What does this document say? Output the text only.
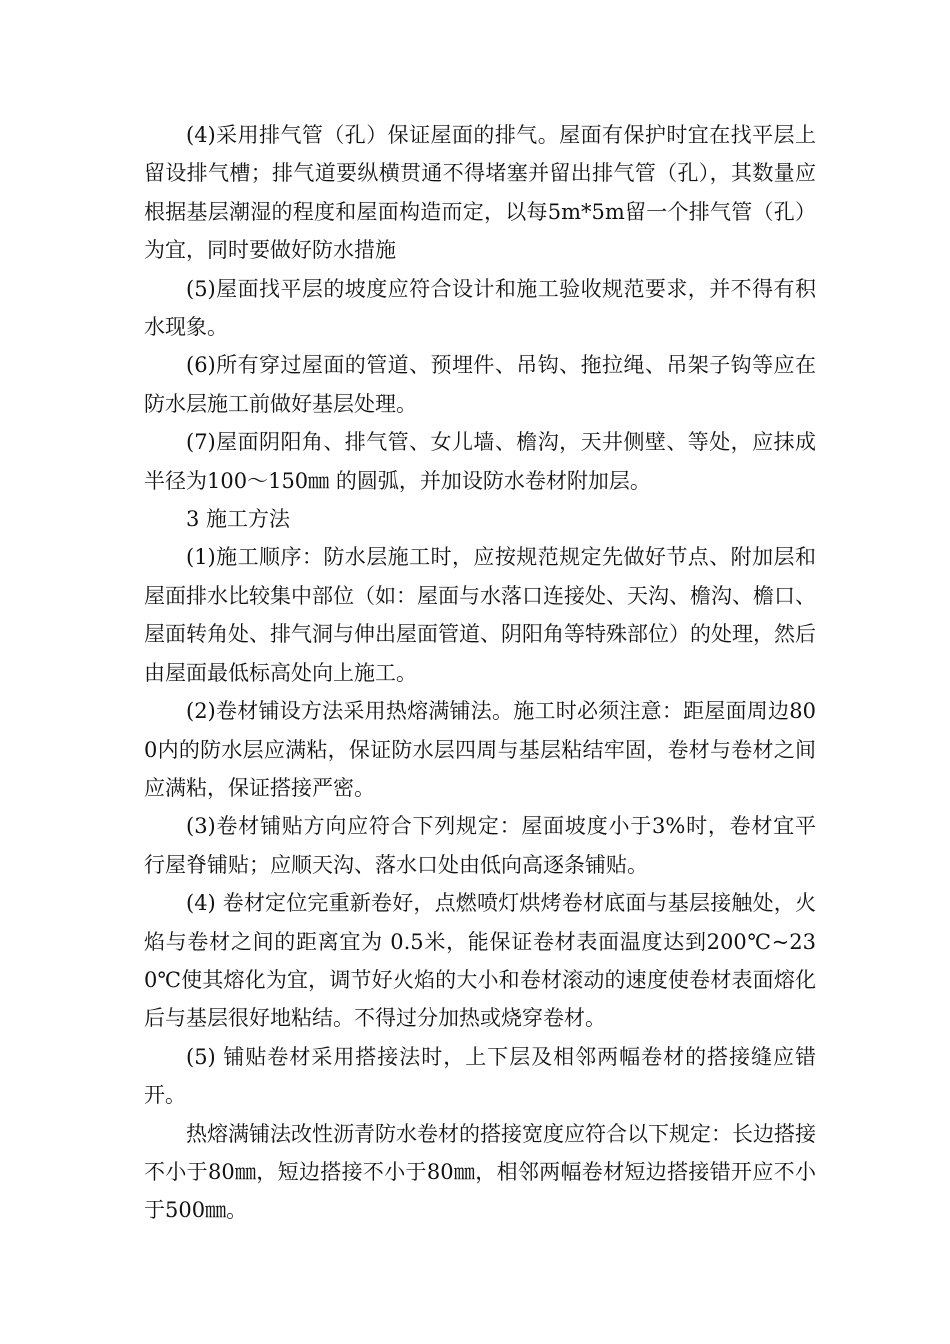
(4)采用排气管（孔）保证屋面的排气。屋面有保护时宜在找平层上留设排气槽；排气道要纵横贯通不得堵塞并留出排气管（孔），其数量应根据基层潮湿的程度和屋面构造而定，以每5m*5m留一个排气管（孔）为宜，同时要做好防水措施

(5)屋面找平层的坡度应符合设计和施工验收规范要求，并不得有积水现象。

(6)所有穿过屋面的管道、预埋件、吊钩、拖拉绳、吊架子钩等应在防水层施工前做好基层处理。

(7)屋面阴阳角、排气管、女儿墙、檐沟，天井侧壁、等处，应抹成半径为100～150㎜ 的圆弧，并加设防水卷材附加层。

3 施工方法

(1)施工顺序：防水层施工时，应按规范规定先做好节点、附加层和屋面排水比较集中部位（如：屋面与水落口连接处、天沟、檐沟、檐口、屋面转角处、排气洞与伸出屋面管道、阴阳角等特殊部位）的处理，然后由屋面最低标高处向上施工。

(2)卷材铺设方法采用热熔满铺法。施工时必须注意：距屋面周边800内的防水层应满粘，保证防水层四周与基层粘结牢固，卷材与卷材之间应满粘，保证搭接严密。

(3)卷材铺贴方向应符合下列规定：屋面坡度小于3%时，卷材宜平行屋脊铺贴；应顺天沟、落水口处由低向高逐条铺贴。

(4) 卷材定位完重新卷好，点燃喷灯烘烤卷材底面与基层接触处，火焰与卷材之间的距离宜为 0.5米，能保证卷材表面温度达到200℃~230℃使其熔化为宜，调节好火焰的大小和卷材滚动的速度使卷材表面熔化后与基层很好地粘结。不得过分加热或烧穿卷材。

(5) 铺贴卷材采用搭接法时，上下层及相邻两幅卷材的搭接缝应错开。

热熔满铺法改性沥青防水卷材的搭接宽度应符合以下规定：长边搭接不小于80㎜，短边搭接不小于80㎜，相邻两幅卷材短边搭接错开应不小于500㎜。
